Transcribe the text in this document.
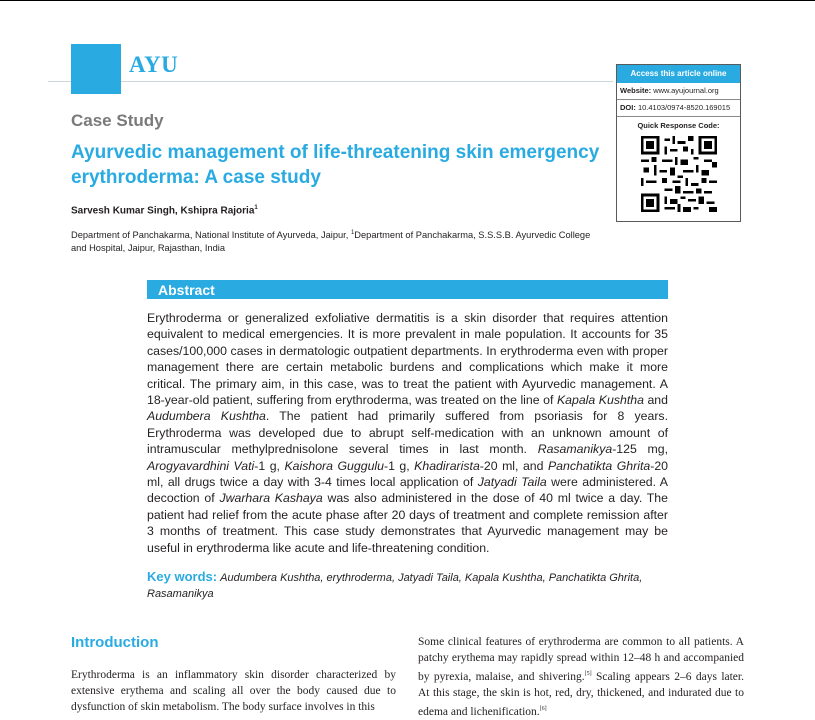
AYU	Access this article online
Website: www.ayujournal.org
DOI: 10.4103/0974-8520.169015
Quick Response Code:
Case Study
Ayurvedic management of life-threatening skin emergency erythroderma: A case study
Sarvesh Kumar Singh, Kshipra Rajoria$^1$
Department of Panchakarma, National Institute of Ayurveda, Jaipur, $^1$Department of Panchakarma, S.S.S.B. Ayurvedic College and Hospital, Jaipur, Rajasthan, India
Abstract
Erythroderma or generalized exfoliative dermatitis is a skin disorder that requires attention equivalent to medical emergencies. It is more prevalent in male population. It accounts for 35 cases/100,000 cases in dermatologic outpatient departments. In erythroderma even with proper management there are certain metabolic burdens and complications which make it more critical. The primary aim, in this case, was to treat the patient with Ayurvedic management. A 18-year-old patient, suffering from erythroderma, was treated on the line of Kapala Kushtha and Audumbera Kushtha. The patient had primarily suffered from psoriasis for 8 years. Erythroderma was developed due to abrupt self-medication with an unknown amount of intramuscular methylprednisolone several times in last month. Rasamanikya-125 mg, Arogyavardhini Vati-1 g, Kaishora Guggulu-1 g, Khadirarista-20 ml, and Panchatikta Ghrita-20 ml, all drugs twice a day with 3-4 times local application of Jatyadi Taila were administered. A decoction of Jwarhara Kashaya was also administered in the dose of 40 ml twice a day. The patient had relief from the acute phase after 20 days of treatment and complete remission after 3 months of treatment. This case study demonstrates that Ayurvedic management may be useful in erythroderma like acute and life-threatening condition.
Key words: Audumbera Kushtha, erythroderma, Jatyadi Taila, Kapala Kushtha, Panchatikta Ghrita, Rasamanikya
Introduction
Erythroderma is an inflammatory skin disorder characterized by extensive erythema and scaling all over the body caused due to dysfunction of skin metabolism. The body surface involves in this
Some clinical features of erythroderma are common to all patients. A patchy erythema may rapidly spread within 12–48 h and accompanied by pyrexia, malaise, and shivering.[5] Scaling appears 2–6 days later. At this stage, the skin is hot, red, dry, thickened, and indurated due to edema and lichenification.[6]
